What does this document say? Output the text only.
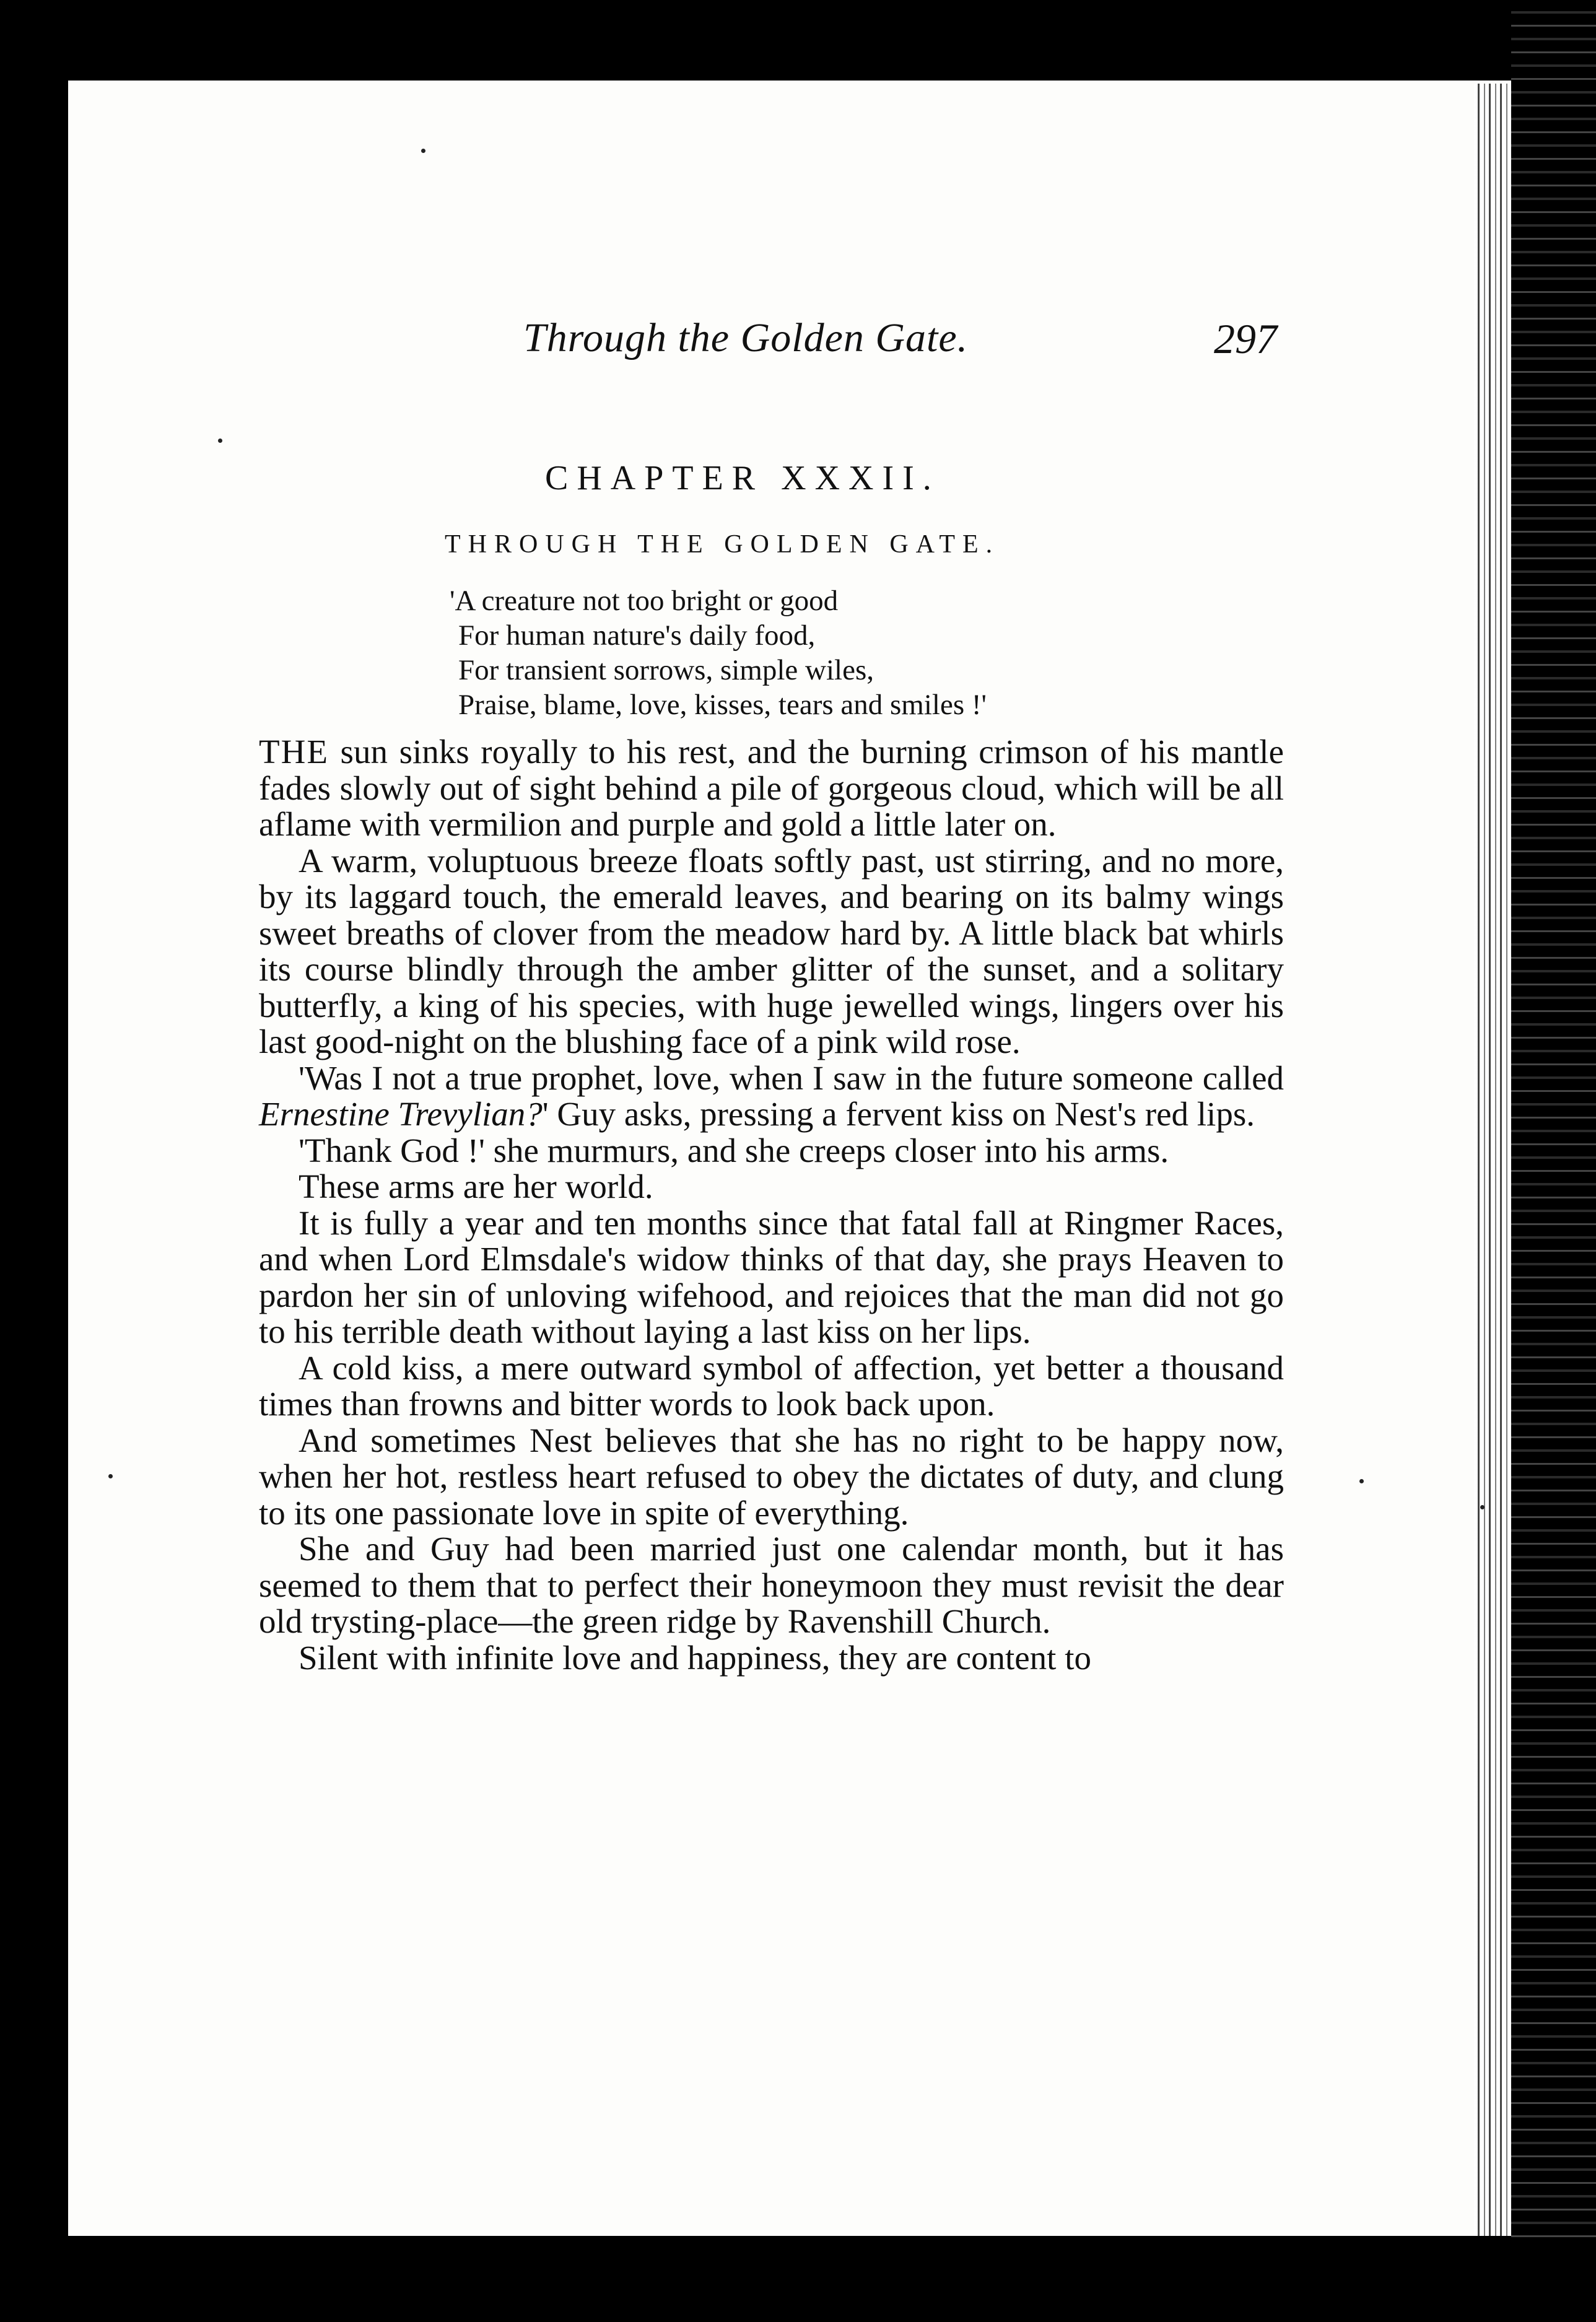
Through the Golden Gate.	297
CHAPTER XXXII.
THROUGH THE GOLDEN GATE.
'A creature not too bright or good
For human nature's daily food,
For transient sorrows, simple wiles,
Praise, blame, love, kisses, tears and smiles !'

THE sun sinks royally to his rest, and the burning crimson of his mantle fades slowly out of sight behind a pile of gorgeous cloud, which will be all aflame with vermilion and purple and gold a little later on.

A warm, voluptuous breeze floats softly past, ust stirring, and no more, by its laggard touch, the emerald leaves, and bearing on its balmy wings sweet breaths of clover from the meadow hard by. A little black bat whirls its course blindly through the amber glitter of the sunset, and a solitary butterfly, a king of his species, with huge jewelled wings, lingers over his last good-night on the blushing face of a pink wild rose.

'Was I not a true prophet, love, when I saw in the future someone called Ernestine Trevylian?' Guy asks, pressing a fervent kiss on Nest's red lips.

'Thank God !' she murmurs, and she creeps closer into his arms.

These arms are her world.

It is fully a year and ten months since that fatal fall at Ringmer Races, and when Lord Elmsdale's widow thinks of that day, she prays Heaven to pardon her sin of unloving wifehood, and rejoices that the man did not go to his terrible death without laying a last kiss on her lips.

A cold kiss, a mere outward symbol of affection, yet better a thousand times than frowns and bitter words to look back upon.

And sometimes Nest believes that she has no right to be happy now, when her hot, restless heart refused to obey the dictates of duty, and clung to its one passionate love in spite of everything.

She and Guy had been married just one calendar month, but it has seemed to them that to perfect their honeymoon they must revisit the dear old trysting-place—the green ridge by Ravenshill Church.

Silent with infinite love and happiness, they are content to
